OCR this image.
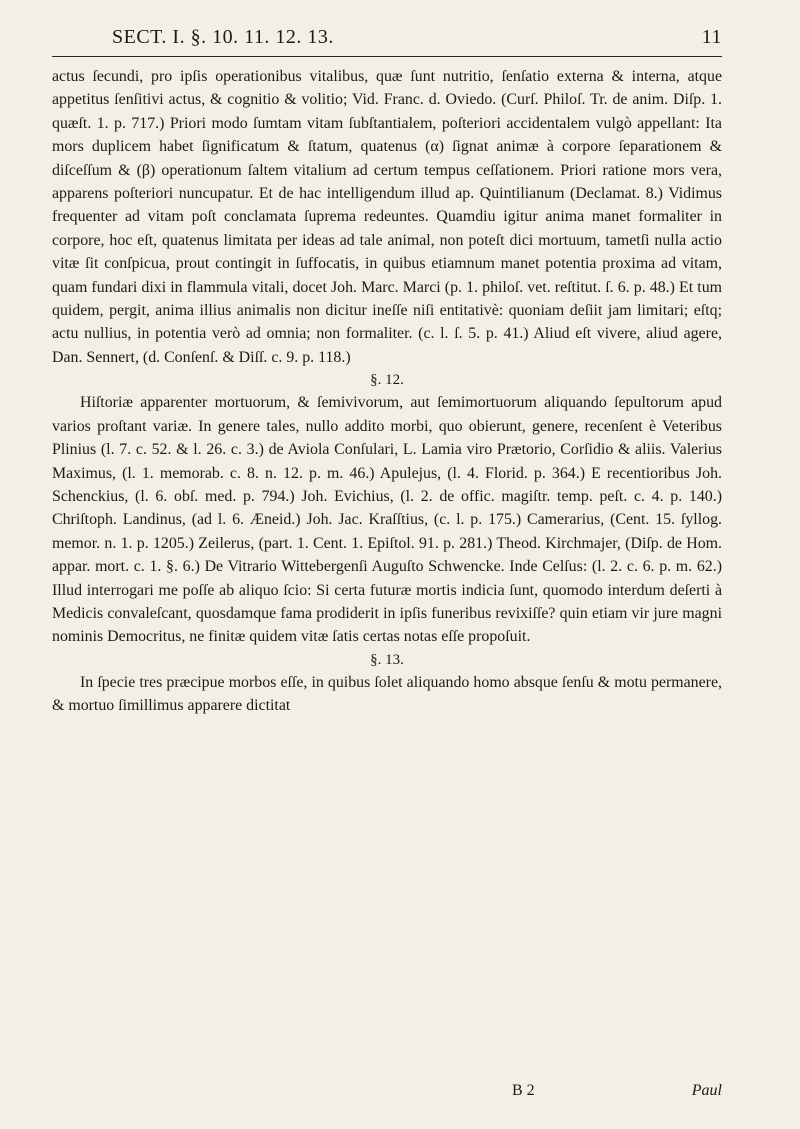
SECT. I. §. 10. 11. 12. 13.	11

actus ſecundi, pro ipſis operationibus vitalibus, quæ ſunt nutritio, ſenſatio externa & interna, atque appetitus ſenſitivi actus, & cognitio & volitio; Vid. Franc. d. Oviedo. (Curſ. Philoſ. Tr. de anim. Diſp. 1. quæſt. 1. p. 717.) Priori modo ſumtam vitam ſubſtantialem, poſteriori accidentalem vulgò appellant: Ita mors duplicem habet ſignificatum & ſtatum, quatenus (α) ſignat animæ à corpore ſeparationem & diſceſſum & (β) operationum ſaltem vitalium ad certum tempus ceſſationem. Priori ratione mors vera, apparens poſteriori nuncupatur. Et de hac intelligendum illud ap. Quintilianum (Declamat. 8.) Vidimus frequenter ad vitam poſt conclamata ſuprema redeuntes. Quamdiu igitur anima manet formaliter in corpore, hoc eſt, quatenus limitata per ideas ad tale animal, non poteſt dici mortuum, tametſi nulla actio vitæ ſit conſpicua, prout contingit in ſuffocatis, in quibus etiamnum manet potentia proxima ad vitam, quam fundari dixi in flammula vitali, docet Joh. Marc. Marci (p. 1. philoſ. vet. reſtitut. ſ. 6. p. 48.) Et tum quidem, pergit, anima illius animalis non dicitur ineſſe niſi entitativè: quoniam deſiit jam limitari; eſtq; actu nullius, in potentia verò ad omnia; non formaliter. (c. l. ſ. 5. p. 41.) Aliud eſt vivere, aliud agere, Dan. Sennert, (d. Conſenſ. & Diſſ. c. 9. p. 118.)

§. 12.

Hiſtoriæ apparenter mortuorum, & ſemivivorum, aut ſemimortuorum aliquando ſepultorum apud varios proſtant variæ. In genere tales, nullo addito morbi, quo obierunt, genere, recenſent è Veteribus Plinius (l. 7. c. 52. & l. 26. c. 3.) de Aviola Conſulari, L. Lamia viro Prætorio, Corſidio & aliis. Valerius Maximus, (l. 1. memorab. c. 8. n. 12. p. m. 46.) Apulejus, (l. 4. Florid. p. 364.) E recentioribus Joh. Schenckius, (l. 6. obſ. med. p. 794.) Joh. Evichius, (l. 2. de offic. magiſtr. temp. peſt. c. 4. p. 140.) Chriſtoph. Landinus, (ad l. 6. Æneid.) Joh. Jac. Kraſſtius, (c. l. p. 175.) Camerarius, (Cent. 15. ſyllog. memor. n. 1. p. 1205.) Zeilerus, (part. 1. Cent. 1. Epiſtol. 91. p. 281.) Theod. Kirchmajer, (Diſp. de Hom. appar. mort. c. 1. §. 6.) De Vitrario Wittebergenſi Auguſto Schwencke. Inde Celſus: (l. 2. c. 6. p. m. 62.) Illud interrogari me poſſe ab aliquo ſcio: Si certa futuræ mortis indicia ſunt, quomodo interdum deſerti à Medicis convaleſcant, quosdamque fama prodiderit in ipſis funeribus revixiſſe? quin etiam vir jure magni nominis Democritus, ne finitæ quidem vitæ ſatis certas notas eſſe propoſuit.

§. 13.

In ſpecie tres præcipue morbos eſſe, in quibus ſolet aliquando homo absque ſenſu & motu permanere, & mortuo ſimillimus apparere dictitat

B 2	Paul
